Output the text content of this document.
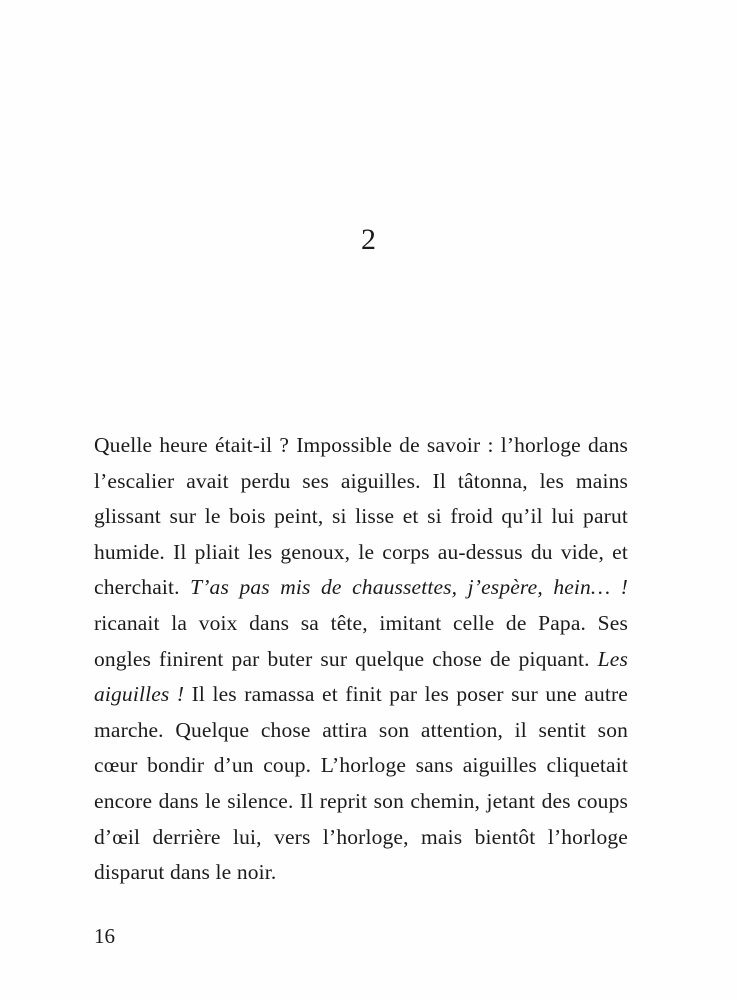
2

Quelle heure était-il ? Impossible de savoir : l’horloge dans l’escalier avait perdu ses aiguilles. Il tâtonna, les mains glissant sur le bois peint, si lisse et si froid qu’il lui parut humide. Il pliait les genoux, le corps au-dessus du vide, et cherchait. T’as pas mis de chaussettes, j’espère, hein… ! ricanait la voix dans sa tête, imitant celle de Papa. Ses ongles finirent par buter sur quelque chose de piquant. Les aiguilles ! Il les ramassa et finit par les poser sur une autre marche. Quelque chose attira son attention, il sentit son cœur bondir d’un coup. L’horloge sans aiguilles cliquetait encore dans le silence. Il reprit son chemin, jetant des coups d’œil derrière lui, vers l’horloge, mais bientôt l’horloge disparut dans le noir.

16
